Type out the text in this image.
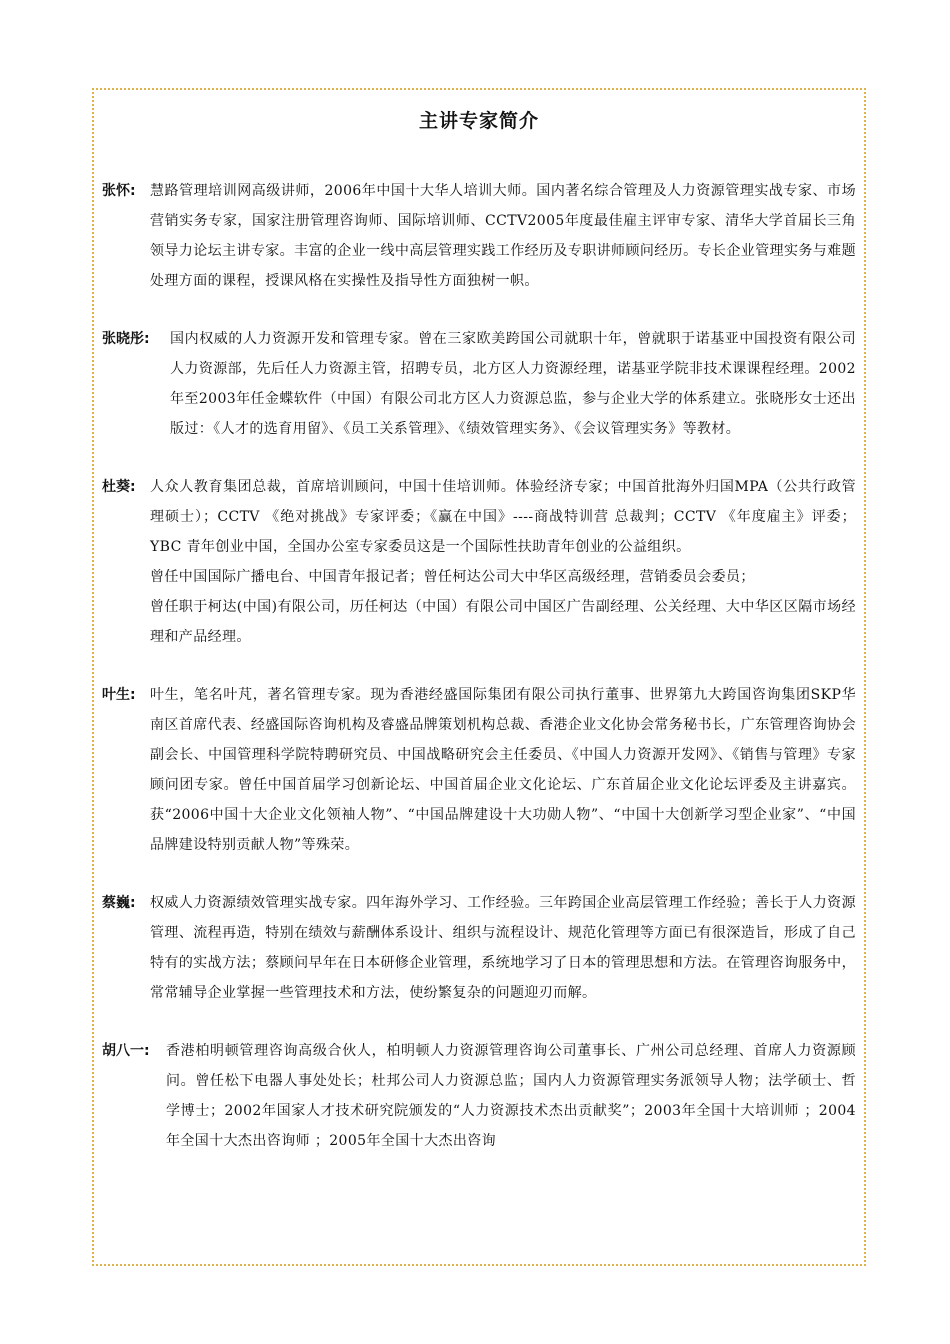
主讲专家简介
张怀:	慧路管理培训网高级讲师，2006年中国十大华人培训大师。国内著名综合管理及人力资源管理实战专家、市场营销实务专家，国家注册管理咨询师、国际培训师、CCTV2005年度最佳雇主评审专家、清华大学首届长三角领导力论坛主讲专家。丰富的企业一线中高层管理实践工作经历及专职讲师顾问经历。专长企业管理实务与难题处理方面的课程，授课风格在实操性及指导性方面独树一帜。

张晓彤:	国内权威的人力资源开发和管理专家。曾在三家欧美跨国公司就职十年，曾就职于诺基亚中国投资有限公司人力资源部，先后任人力资源主管，招聘专员，北方区人力资源经理，诺基亚学院非技术课课程经理。2002年至2003年任金蝶软件（中国）有限公司北方区人力资源总监，参与企业大学的体系建立。张晓彤女士还出版过：《人才的选育用留》、《员工关系管理》、《绩效管理实务》、《会议管理实务》等教材。

杜葵:	人众人教育集团总裁，首席培训顾问，中国十佳培训师。体验经济专家；中国首批海外归国MPA（公共行政管理硕士）；CCTV 《绝对挑战》专家评委；《赢在中国》----商战特训营 总裁判；CCTV 《年度雇主》评委；YBC 青年创业中国，全国办公室专家委员这是一个国际性扶助青年创业的公益组织。

曾任中国国际广播电台、中国青年报记者；曾任柯达公司大中华区高级经理，营销委员会委员；

曾任职于柯达(中国)有限公司，历任柯达（中国）有限公司中国区广告副经理、公关经理、大中华区区隔市场经理和产品经理。

叶生:	叶生，笔名叶芃，著名管理专家。现为香港经盛国际集团有限公司执行董事、世界第九大跨国咨询集团SKP华南区首席代表、经盛国际咨询机构及睿盛品牌策划机构总裁、香港企业文化协会常务秘书长，广东管理咨询协会副会长、中国管理科学院特聘研究员、中国战略研究会主任委员、《中国人力资源开发网》、《销售与管理》专家顾问团专家。曾任中国首届学习创新论坛、中国首届企业文化论坛、广东首届企业文化论坛评委及主讲嘉宾。获“2006中国十大企业文化领袖人物”、“中国品牌建设十大功勋人物”、“中国十大创新学习型企业家”、“中国品牌建设特别贡献人物”等殊荣。

蔡巍:	权威人力资源绩效管理实战专家。四年海外学习、工作经验。三年跨国企业高层管理工作经验；善长于人力资源管理、流程再造，特别在绩效与薪酬体系设计、组织与流程设计、规范化管理等方面已有很深造旨，形成了自己特有的实战方法；蔡顾问早年在日本研修企业管理，系统地学习了日本的管理思想和方法。在管理咨询服务中，常常辅导企业掌握一些管理技术和方法，使纷繁复杂的问题迎刃而解。

胡八一:	香港柏明顿管理咨询高级合伙人，柏明顿人力资源管理咨询公司董事长、广州公司总经理、首席人力资源顾问。曾任松下电器人事处处长；杜邦公司人力资源总监；国内人力资源管理实务派领导人物；法学硕士、哲学博士；2002年国家人才技术研究院颁发的“人力资源技术杰出贡献奖”；2003年全国十大培训师 ；2004年全国十大杰出咨询师 ；2005年全国十大杰出咨询
